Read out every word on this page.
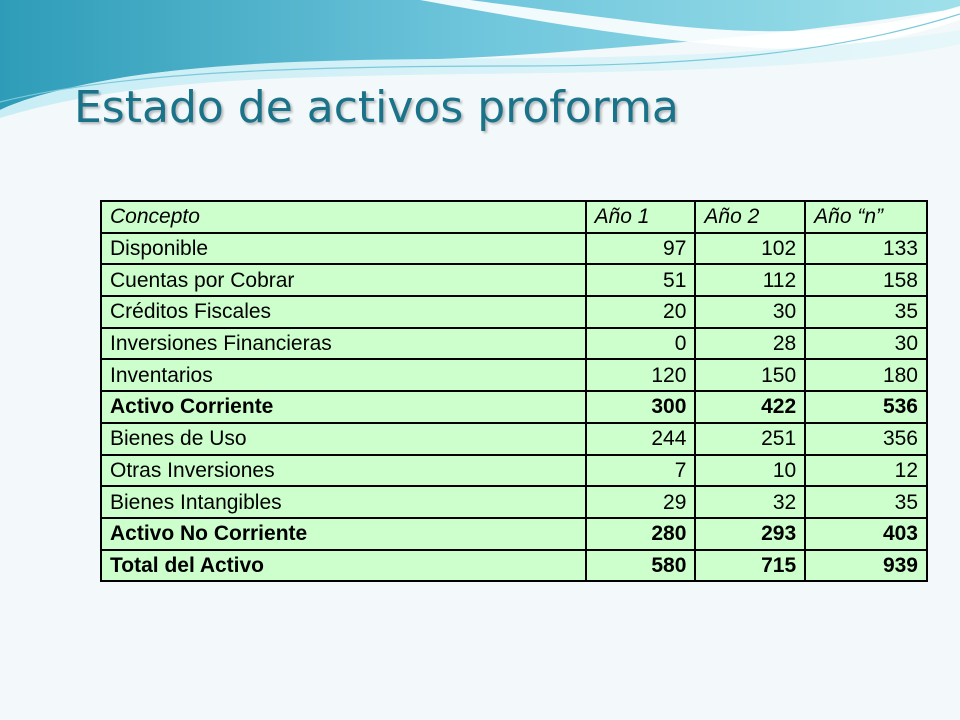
Estado de activos proforma
Concepto	Año 1	Año 2	Año “n”
Disponible	97	102	133
Cuentas por Cobrar	51	112	158
Créditos Fiscales	20	30	35
Inversiones Financieras	0	28	30
Inventarios	120	150	180
Activo Corriente	300	422	536
Bienes de Uso	244	251	356
Otras Inversiones	7	10	12
Bienes Intangibles	29	32	35
Activo No Corriente	280	293	403
Total del Activo	580	715	939
